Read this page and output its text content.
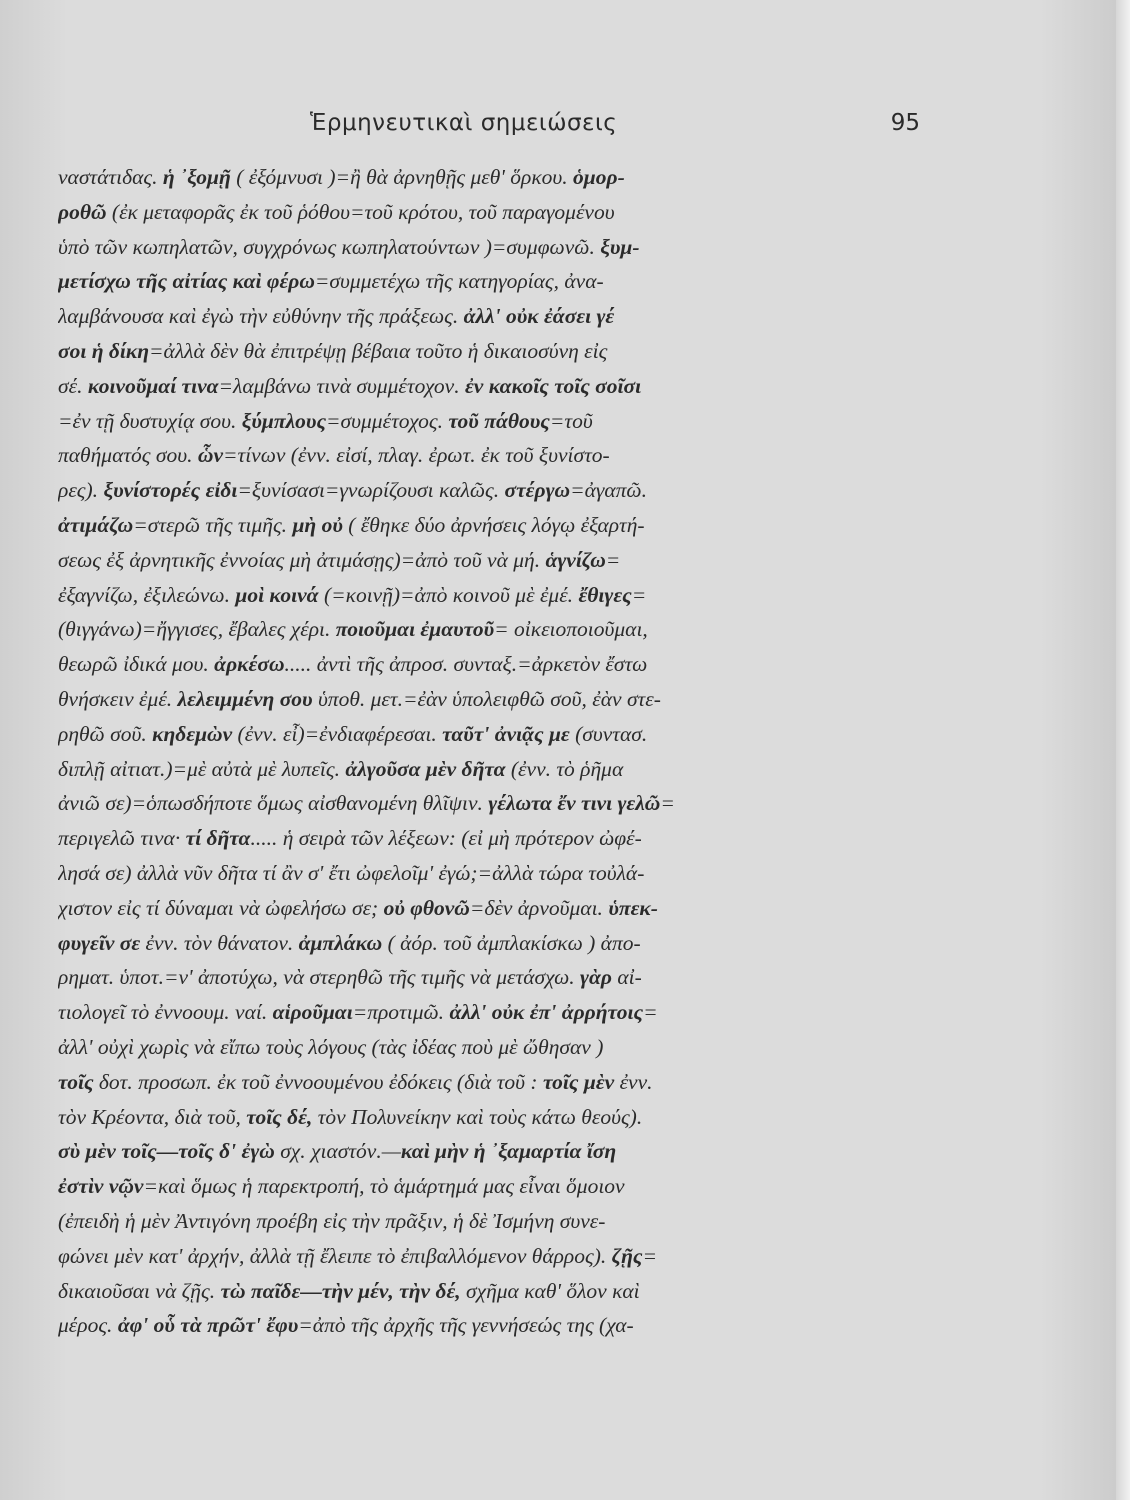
Ἑρμηνευτικαὶ σημειώσεις	95
ναστάτιδας. ἡ ᾿ξομῇ ( ἐξόμνυσι )=ἢ θὰ ἀρνηθῇς μεθ' ὅρκου. ὁμορ-
ροθῶ (ἐκ μεταφορᾶς ἐκ τοῦ ῥόθου=τοῦ κρότου, τοῦ παραγομένου
ὑπὸ τῶν κωπηλατῶν, συγχρόνως κωπηλατούντων )=συμφωνῶ. ξυμ-
μετίσχω τῆς αἰτίας καὶ φέρω=συμμετέχω τῆς κατηγορίας, ἀνα-
λαμβάνουσα καὶ ἐγὼ τὴν εὐθύνην τῆς πράξεως. ἀλλ' οὐκ ἐάσει γέ
σοι ἡ δίκη=ἀλλὰ δὲν θὰ ἐπιτρέψῃ βέβαια τοῦτο ἡ δικαιοσύνη εἰς
σέ. κοινοῦμαί τινα=λαμβάνω τινὰ συμμέτοχον. ἐν κακοῖς τοῖς σοῖσι
=ἐν τῇ δυστυχίᾳ σου. ξύμπλους=συμμέτοχος. τοῦ πάθους=τοῦ
παθήματός σου. ὧν=τίνων (ἐνν. εἰσί, πλαγ. ἐρωτ. ἐκ τοῦ ξυνίστο-
ρες). ξυνίστορές εἰδι=ξυνίσασι=γνωρίζουσι καλῶς. στέργω=ἀγαπῶ.
ἀτιμάζω=στερῶ τῆς τιμῆς. μὴ οὐ ( ἔθηκε δύο ἀρνήσεις λόγῳ ἐξαρτή-
σεως ἐξ ἀρνητικῆς ἐννοίας μὴ ἀτιμάσῃς)=ἀπὸ τοῦ νὰ μή. ἁγνίζω=
ἐξαγνίζω, ἐξιλεώνω. μοὶ κοινά (=κοινῇ)=ἀπὸ κοινοῦ μὲ ἐμέ. ἔθιγες=
(θιγγάνω)=ἤγγισες, ἔβαλες χέρι. ποιοῦμαι ἐμαυτοῦ= οἰκειοποιοῦμαι,
θεωρῶ ἰδικά μου. ἀρκέσω..... ἀντὶ τῆς ἀπροσ. συνταξ.=ἀρκετὸν ἔστω
θνήσκειν ἐμέ. λελειμμένη σου ὑποθ. μετ.=ἐὰν ὑπολειφθῶ σοῦ, ἐὰν στε-
ρηθῶ σοῦ. κηδεμὼν (ἐνν. εἶ)=ἐνδιαφέρεσαι. ταῦτ' ἀνιᾷς με (συντασ.
διπλῇ αἰτιατ.)=μὲ αὐτὰ μὲ λυπεῖς. ἀλγοῦσα μὲν δῆτα (ἐνν. τὸ ῥῆμα
ἀνιῶ σε)=ὁπωσδήποτε ὅμως αἰσθανομένη θλῖψιν. γέλωτα ἔν τινι γελῶ=
περιγελῶ τινα· τί δῆτα..... ἡ σειρὰ τῶν λέξεων: (εἰ μὴ πρότερον ὠφέ-
λησά σε) ἀλλὰ νῦν δῆτα τί ἂν σ' ἔτι ὠφελοῖμ' ἐγώ;=ἀλλὰ τώρα τοὐλά-
χιστον εἰς τί δύναμαι νὰ ὠφελήσω σε; οὐ φθονῶ=δὲν ἀρνοῦμαι. ὑπεκ-
φυγεῖν σε ἐνν. τὸν θάνατον. ἀμπλάκω ( ἀόρ. τοῦ ἀμπλακίσκω ) ἀπο-
ρηματ. ὑποτ.=ν' ἀποτύχω, νὰ στερηθῶ τῆς τιμῆς νὰ μετάσχω. γὰρ αἰ-
τιολογεῖ τὸ ἐννοουμ. ναί. αἱροῦμαι=προτιμῶ. ἀλλ' οὐκ ἐπ' ἀρρήτοις=
ἀλλ' οὐχὶ χωρὶς νὰ εἴπω τοὺς λόγους (τὰς ἰδέας ποὺ μὲ ὤθησαν )
τοῖς δοτ. προσωπ. ἐκ τοῦ ἐννοουμένου ἐδόκεις (διὰ τοῦ : τοῖς μὲν ἐνν.
τὸν Κρέοντα, διὰ τοῦ, τοῖς δέ, τὸν Πολυνείκην καὶ τοὺς κάτω θεούς).
σὺ μὲν τοῖς—τοῖς δ' ἐγὼ σχ. χιαστόν.—καὶ μὴν ἡ ᾿ξαμαρτία ἴση
ἐστὶν νῷν=καὶ ὅμως ἡ παρεκτροπή, τὸ ἁμάρτημά μας εἶναι ὅμοιον
(ἐπειδὴ ἡ μὲν Ἀντιγόνη προέβη εἰς τὴν πρᾶξιν, ἡ δὲ Ἰσμήνη συνε-
φώνει μὲν κατ' ἀρχήν, ἀλλὰ τῇ ἔλειπε τὸ ἐπιβαλλόμενον θάρρος). ζῇς=
δικαιοῦσαι νὰ ζῇς. τὼ παῖδε—τὴν μέν, τὴν δέ, σχῆμα καθ' ὅλον καὶ
μέρος. ἀφ' οὗ τὰ πρῶτ' ἔφυ=ἀπὸ τῆς ἀρχῆς τῆς γεννήσεώς της (χα-
